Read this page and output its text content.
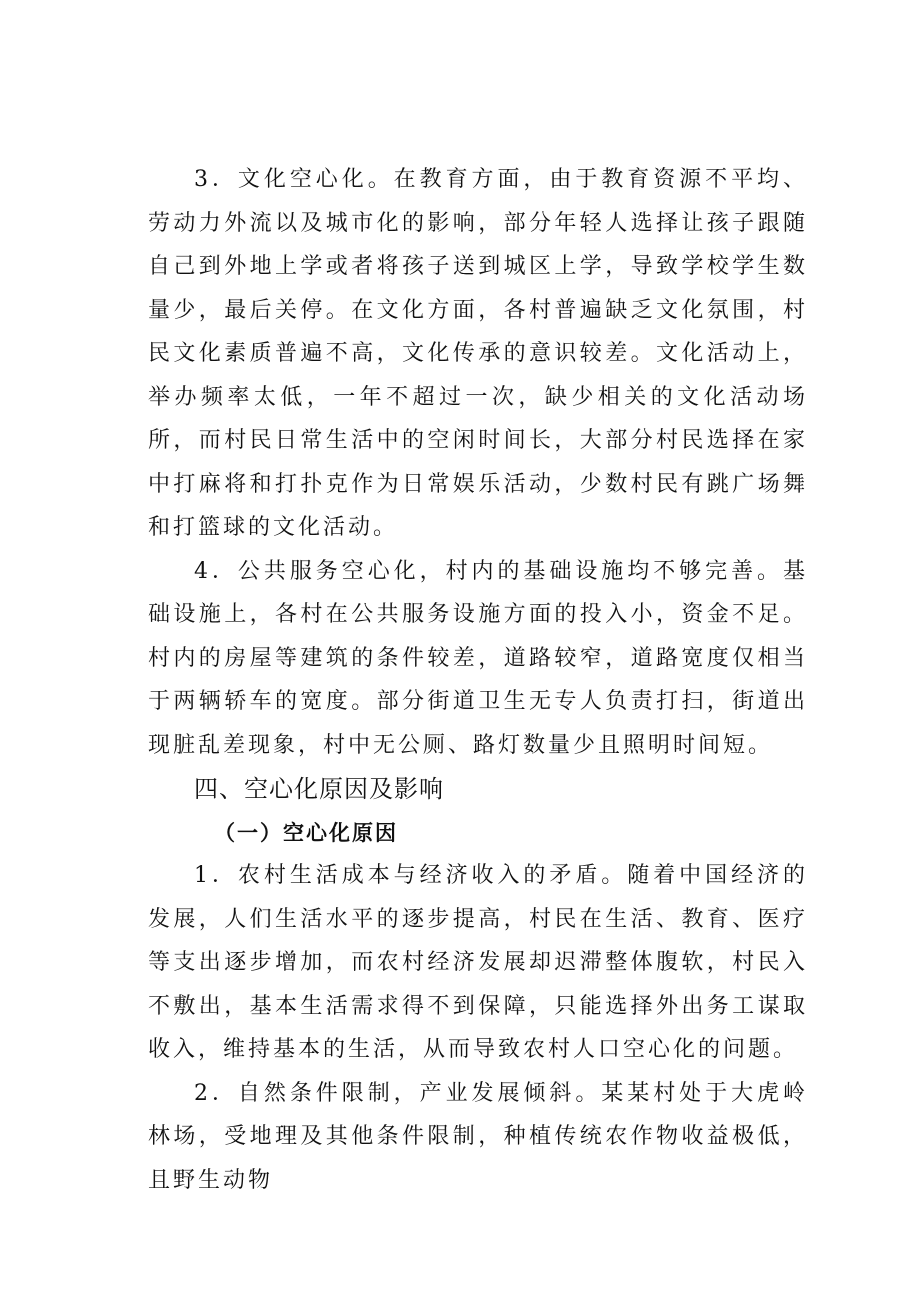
3．文化空心化。在教育方面，由于教育资源不平均、劳动力外流以及城市化的影响，部分年轻人选择让孩子跟随自己到外地上学或者将孩子送到城区上学，导致学校学生数量少，最后关停。在文化方面，各村普遍缺乏文化氛围，村民文化素质普遍不高，文化传承的意识较差。文化活动上，举办频率太低，一年不超过一次，缺少相关的文化活动场所，而村民日常生活中的空闲时间长，大部分村民选择在家中打麻将和打扑克作为日常娱乐活动，少数村民有跳广场舞和打篮球的文化活动。

4．公共服务空心化，村内的基础设施均不够完善。基础设施上，各村在公共服务设施方面的投入小，资金不足。村内的房屋等建筑的条件较差，道路较窄，道路宽度仅相当于两辆轿车的宽度。部分街道卫生无专人负责打扫，街道出现脏乱差现象，村中无公厕、路灯数量少且照明时间短。

四、空心化原因及影响
（一）空心化原因

1．农村生活成本与经济收入的矛盾。随着中国经济的发展，人们生活水平的逐步提高，村民在生活、教育、医疗等支出逐步增加，而农村经济发展却迟滞整体腹软，村民入不敷出，基本生活需求得不到保障，只能选择外出务工谋取收入，维持基本的生活，从而导致农村人口空心化的问题。

2．自然条件限制，产业发展倾斜。某某村处于大虎岭林场，受地理及其他条件限制，种植传统农作物收益极低，且野生动物
